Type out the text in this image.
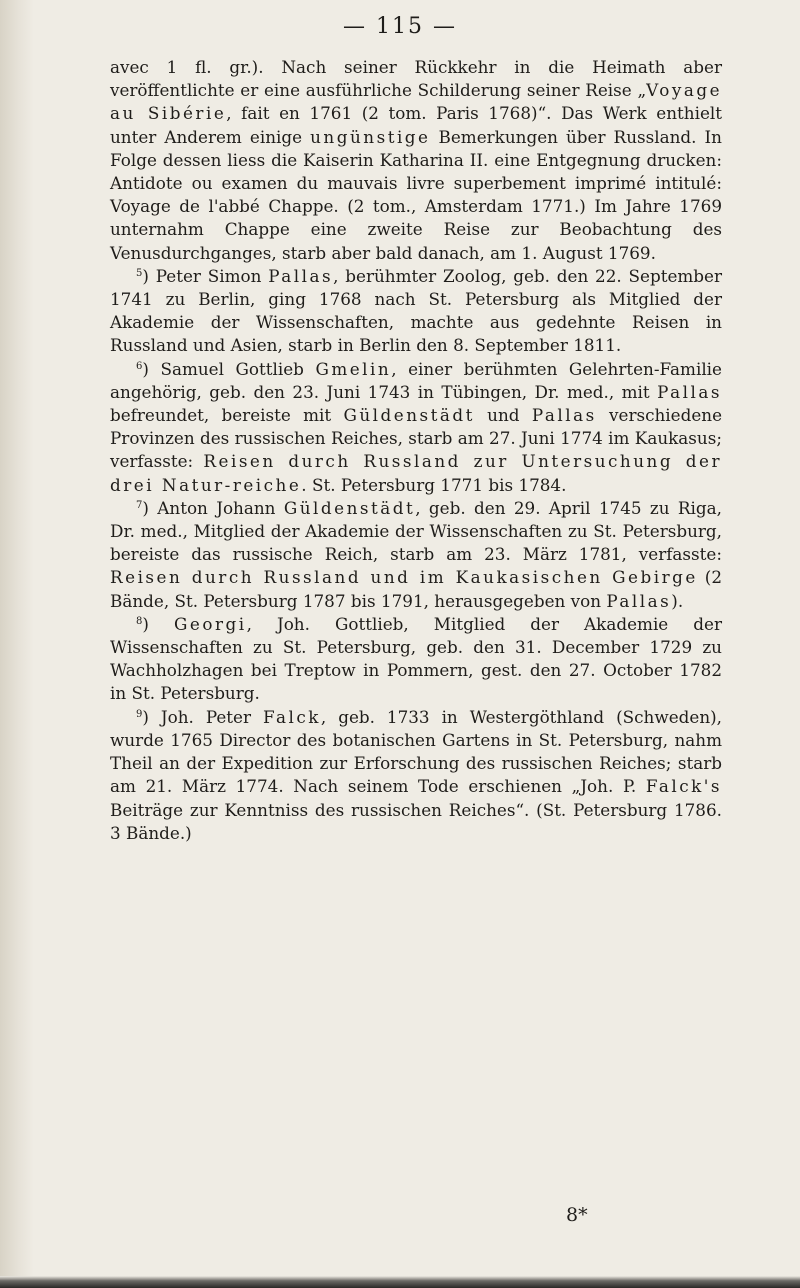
— 115 —

avec 1 fl. gr.). Nach seiner Rückkehr in die Heimath aber veröffentlichte er eine ausführliche Schilderung seiner Reise „Voyage au Sibérie, fait en 1761 (2 tom. Paris 1768)“. Das Werk enthielt unter Anderem einige ungünstige Bemerkungen über Russland. In Folge dessen liess die Kaiserin Katharina II. eine Entgegnung drucken: Antidote ou examen du mauvais livre superbement imprimé intitulé: Voyage de l'abbé Chappe. (2 tom., Amsterdam 1771.) Im Jahre 1769 unternahm Chappe eine zweite Reise zur Beobachtung des Venusdurchganges, starb aber bald danach, am 1. August 1769.

$^5$) Peter Simon Pallas, berühmter Zoolog, geb. den 22. September 1741 zu Berlin, ging 1768 nach St. Petersburg als Mitglied der Akademie der Wissenschaften, machte aus gedehnte Reisen in Russland und Asien, starb in Berlin den 8. September 1811.

$^6$) Samuel Gottlieb Gmelin, einer berühmten Gelehrten-Familie angehörig, geb. den 23. Juni 1743 in Tübingen, Dr. med., mit Pallas befreundet, bereiste mit Güldenstädt und Pallas verschiedene Provinzen des russischen Reiches, starb am 27. Juni 1774 im Kaukasus; verfasste: Reisen durch Russland zur Untersuchung der drei Natur-reiche. St. Petersburg 1771 bis 1784.

$^7$) Anton Johann Güldenstädt, geb. den 29. April 1745 zu Riga, Dr. med., Mitglied der Akademie der Wissenschaften zu St. Petersburg, bereiste das russische Reich, starb am 23. März 1781, verfasste: Reisen durch Russland und im Kaukasischen Gebirge (2 Bände, St. Petersburg 1787 bis 1791, herausgegeben von Pallas).

$^8$) Georgi, Joh. Gottlieb, Mitglied der Akademie der Wissenschaften zu St. Petersburg, geb. den 31. December 1729 zu Wachholzhagen bei Treptow in Pommern, gest. den 27. October 1782 in St. Petersburg.

$^9$) Joh. Peter Falck, geb. 1733 in Westergöthland (Schweden), wurde 1765 Director des botanischen Gartens in St. Petersburg, nahm Theil an der Expedition zur Erforschung des russischen Reiches; starb am 21. März 1774. Nach seinem Tode erschienen „Joh. P. Falck's Beiträge zur Kenntniss des russischen Reiches“. (St. Petersburg 1786. 3 Bände.)

8*
